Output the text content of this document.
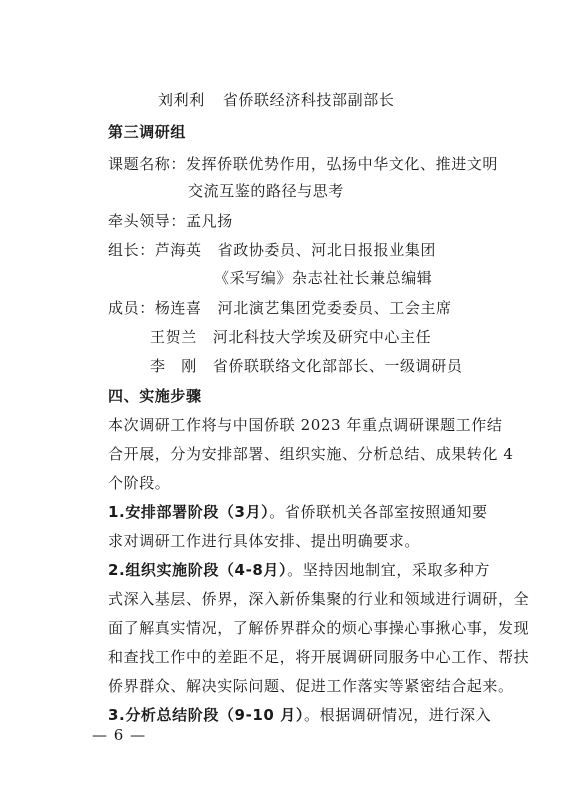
刘利利 省侨联经济科技部副部长
第三调研组
课题名称：发挥侨联优势作用，弘扬中华文化、推进文明
交流互鉴的路径与思考
牵头领导：孟凡扬
组长：芦海英 省政协委员、河北日报报业集团
《采写编》杂志社社长兼总编辑
成员：杨连喜 河北演艺集团党委委员、工会主席
王贺兰 河北科技大学埃及研究中心主任
李　刚 省侨联联络文化部部长、一级调研员
四、实施步骤
本次调研工作将与中国侨联 2023 年重点调研课题工作结
合开展，分为安排部署、组织实施、分析总结、成果转化 4
个阶段。
1.安排部署阶段（3月）。省侨联机关各部室按照通知要
求对调研工作进行具体安排、提出明确要求。
2.组织实施阶段（4-8月）。坚持因地制宜，采取多种方
式深入基层、侨界，深入新侨集聚的行业和领域进行调研，全
面了解真实情况，了解侨界群众的烦心事操心事揪心事，发现
和查找工作中的差距不足，将开展调研同服务中心工作、帮扶
侨界群众、解决实际问题、促进工作落实等紧密结合起来。
3.分析总结阶段（9-10 月）。根据调研情况，进行深入
— 6 —
